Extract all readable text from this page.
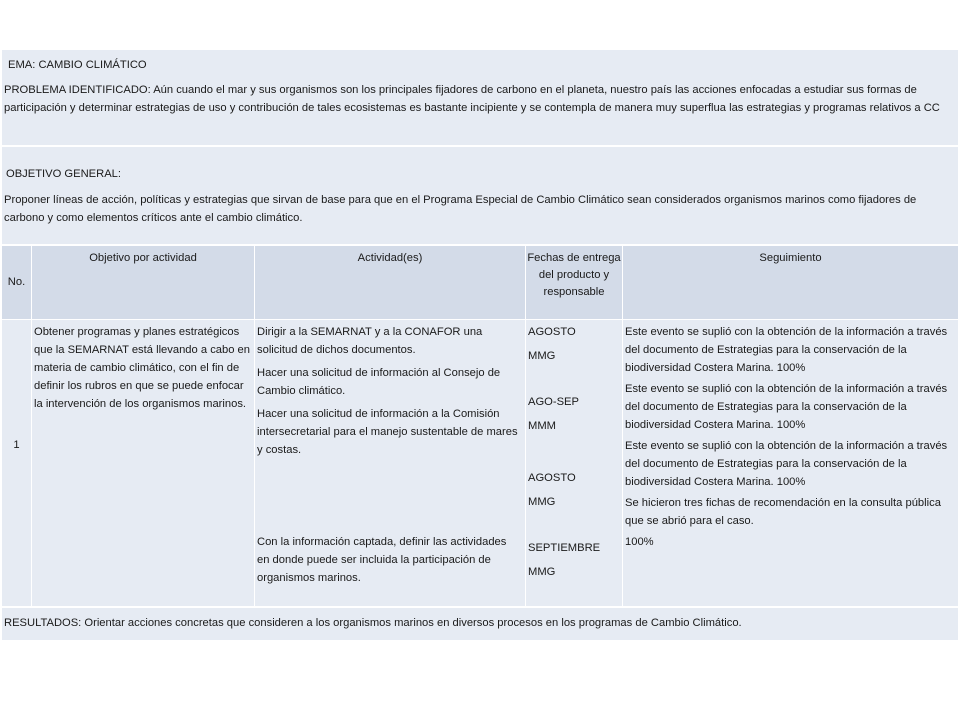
EMA: CAMBIO CLIMÁTICO
PROBLEMA IDENTIFICADO: Aún cuando el mar y sus organismos son los principales fijadores de carbono en el planeta, nuestro país las acciones enfocadas a estudiar sus formas de participación y determinar estrategias de uso y contribución de tales ecosistemas es bastante incipiente y se contempla de manera muy superflua las estrategias y programas relativos a CC
OBJETIVO GENERAL:
Proponer líneas de acción, políticas y estrategias que sirvan de base para que en el Programa Especial de Cambio Climático sean considerados organismos marinos como fijadores de carbono y como elementos críticos ante el cambio climático.
No.
Objetivo por actividad	Actividad(es)	Fechas de entrega del producto y responsable
Seguimiento
1
Obtener programas y planes estratégicos que la SEMARNAT está llevando a cabo en materia de cambio climático, con el fin de definir los rubros en que se puede enfocar la intervención de los organismos marinos.
Dirigir a la SEMARNAT y a la CONAFOR una solicitud de dichos documentos.
Hacer una solicitud de información al Consejo de Cambio climático.
Hacer una solicitud de información a la Comisión intersecretarial para el manejo sustentable de mares y costas.
Con la información captada, definir las actividades en donde puede ser incluida la participación de organismos marinos.
AGOSTO
MMG
AGO-SEP
MMM
AGOSTO
MMG
SEPTIEMBRE
MMG
Este evento se suplió con la obtención de la información a través del documento de Estrategias para la conservación de la biodiversidad Costera Marina. 100%
Este evento se suplió con la obtención de la información a través del documento de Estrategias para la conservación de la biodiversidad Costera Marina. 100%
Este evento se suplió con la obtención de la información a través del documento de Estrategias para la conservación de la biodiversidad Costera Marina. 100%
Se hicieron tres fichas de recomendación en la consulta pública que se abrió para el caso.
100%
RESULTADOS: Orientar acciones concretas que consideren a los organismos marinos en diversos procesos en los programas de Cambio Climático.
